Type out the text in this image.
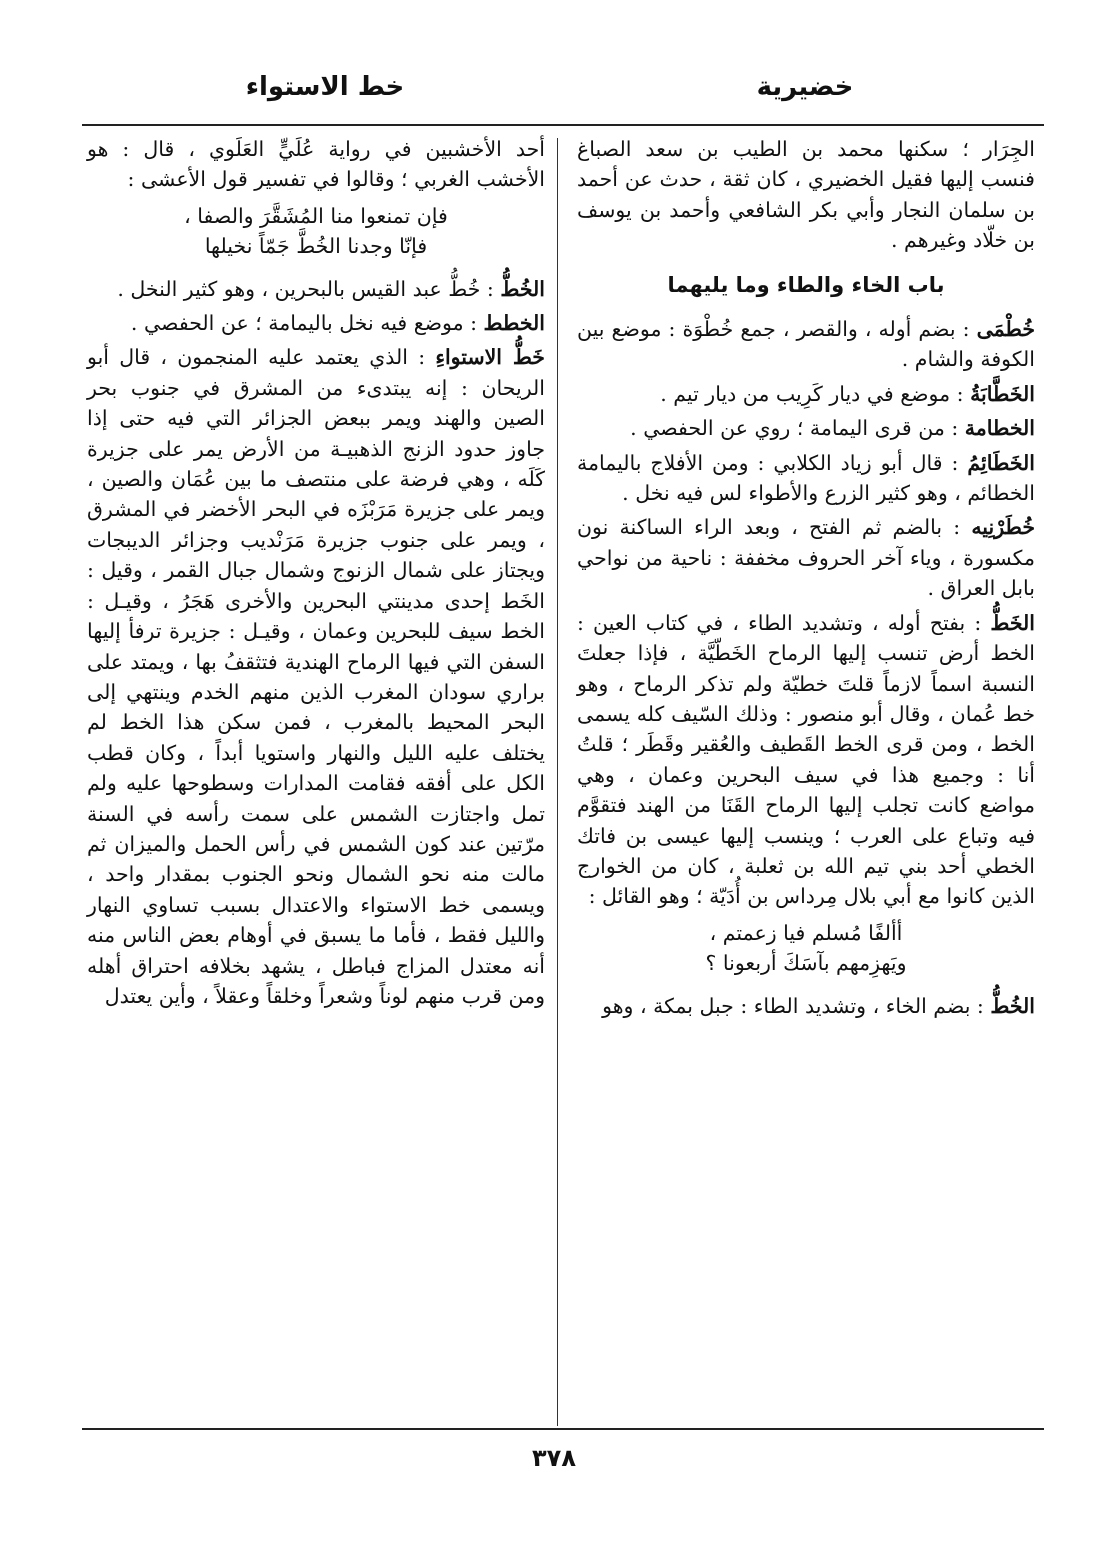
خضيرية
خط الاستواء

الجِرَار ؛ سكنها محمد بن الطيب بن سعد الصباغ فنسب إليها فقيل الخضيري ، كان ثقة ، حدث عن أحمد بن سلمان النجار وأبي بكر الشافعي وأحمد بن يوسف بن خلّاد وغيرهم .

باب الخاء والطاء وما يليهما

خُطْمَى : بضم أوله ، والقصر ، جمع خُطْوَة : موضع بين الكوفة والشام .

الخَطَّابَةُ : موضع في ديار كَرِيب من ديار تيم .

الخطامة : من قرى اليمامة ؛ روي عن الحفصي .

الخَطَائِمُ : قال أبو زياد الكلابي : ومن الأفلاج باليمامة الخطائم ، وهو كثير الزرع والأطواء لس فيه نخل .

خُطَرْنِيه : بالضم ثم الفتح ، وبعد الراء الساكنة نون مكسورة ، وياء آخر الحروف مخففة : ناحية من نواحي بابل العراق .

الخَطُّ : بفتح أوله ، وتشديد الطاء ، في كتاب العين : الخط أرض تنسب إليها الرماح الخَطّيَّة ، فإذا جعلتَ النسبة اسماً لازماً قلتَ خطيّة ولم تذكر الرماح ، وهو خط عُمان ، وقال أبو منصور : وذلك السّيف كله يسمى الخط ، ومن قرى الخط القَطيف والعُقير وقَطَر ؛ قلتُ أنا : وجميع هذا في سيف البحرين وعمان ، وهي مواضع كانت تجلب إليها الرماح القَنَا من الهند فتقوَّم فيه وتباع على العرب ؛ وينسب إليها عيسى بن فاتك الخطي أحد بني تيم الله بن ثعلبة ، كان من الخوارج الذين كانوا مع أبي بلال مِرداس بن أُدَيّة ؛ وهو القائل :

أألفًا مُسلم فيا زعمتم ،

ويَهزِمهم بآسَكَ أربعونا ؟

الخُطُّ : بضم الخاء ، وتشديد الطاء : جبل بمكة ، وهو

أحد الأخشبين في رواية عُلَيٍّ العَلَوي ، قال : هو الأخشب الغربي ؛ وقالوا في تفسير قول الأعشى :

فإن تمنعوا منا المُشَقَّرَ والصفا ،

فإنّا وجدنا الخُطَّ جَمّاً نخيلها

الخُطُّ : خُطُّ عبد القيس بالبحرين ، وهو كثير النخل .

الخطط : موضع فيه نخل باليمامة ؛ عن الحفصي .

خَطُّ الاستواءِ : الذي يعتمد عليه المنجمون ، قال أبو الريحان : إنه يبتدىء من المشرق في جنوب بحر الصين والهند ويمر ببعض الجزائر التي فيه حتى إذا جاوز حدود الزنج الذهبيـة من الأرض يمر على جزيرة كَلَه ، وهي فرضة على منتصف ما بين عُمَان والصين ، ويمر على جزيرة مَرَبْزَه في البحر الأخضر في المشرق ، ويمر على جنوب جزيرة مَرَنْديب وجزائر الديبجات ويجتاز على شمال الزنوج وشمال جبال القمر ، وقيل : الخَط إحدى مدينتي البحرين والأخرى هَجَرُ ، وقيـل : الخط سيف للبحرين وعمان ، وقيـل : جزيرة ترفأ إليها السفن التي فيها الرماح الهندية فتثقفُ بها ، ويمتد على براري سودان المغرب الذين منهم الخدم وينتهي إلى البحر المحيط بالمغرب ، فمن سكن هذا الخط لم يختلف عليه الليل والنهار واستويا أبداً ، وكان قطب الكل على أفقه فقامت المدارات وسطوحها عليه ولم تمل واجتازت الشمس على سمت رأسه في السنة مرّتين عند كون الشمس في رأس الحمل والميزان ثم مالت منه نحو الشمال ونحو الجنوب بمقدار واحد ، ويسمى خط الاستواء والاعتدال بسبب تساوي النهار والليل فقط ، فأما ما يسبق في أوهام بعض الناس منه أنه معتدل المزاج فباطل ، يشهد بخلافه احتراق أهله ومن قرب منهم لوناً وشعراً وخلقاً وعقلاً ، وأين يعتدل

٣٧٨
